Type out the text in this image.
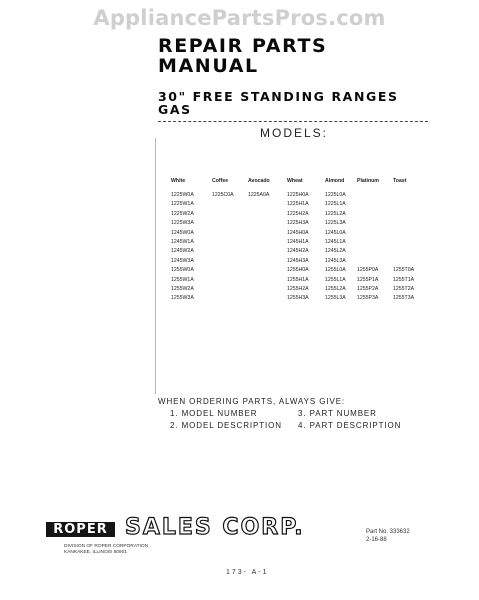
AppliancePartsPros.com
REPAIR PARTS
MANUAL
30" FREE STANDING RANGES
GAS
MODELS:
White
1225W0A
1225W1A
1225W2A
1225W3A
1245W0A
1245W1A
1245W2A
1245W3A
1255W0A
1255W1A
1255W2A
1255W3A
Coffee
1225C0A
Avocado
1225A0A
Wheat
1225H0A
1225H1A
1225H2A
1225H3A
1245H0A
1245H1A
1245H2A
1245H3A
1255H0A
1255H1A
1255H2A
1255H3A
Almond
1225L0A
1225L1A
1225L2A
1225L3A
1245L0A
1245L1A
1245L2A
1245L3A
1255L0A
1255L1A
1255L2A
1255L3A
Platinum
1255P0A
1255P1A
1255P2A
1255P3A
Toast
1255T0A
1255T1A
1255T2A
1255T3A
WHEN ORDERING PARTS, ALWAYS GIVE:
1. MODEL NUMBER
2. MODEL DESCRIPTION
3. PART NUMBER
4. PART DESCRIPTION
ROPER SALES CORP.
DIVISION OF ROPER CORPORATION
KANKAKEE, ILLINOIS 60901
Part No. 333632
2-16-88
173- A-1
